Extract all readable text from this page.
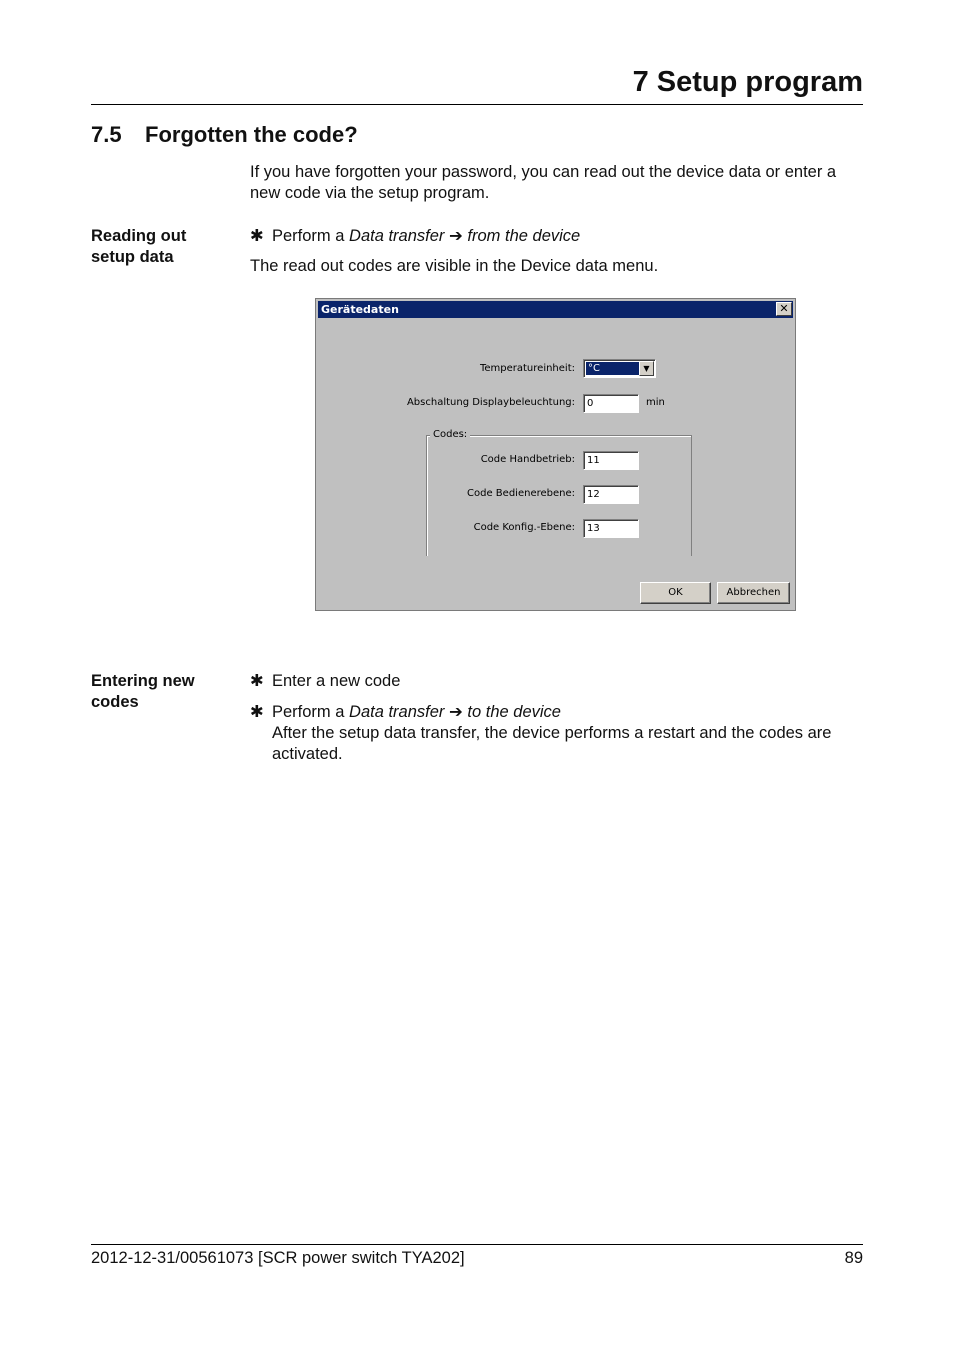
7 Setup program
7.5 Forgotten the code?

If you have forgotten your password, you can read out the device data or enter a new code via the setup program.

Reading out
setup data

✱ Perform a Data transfer ➔ from the device

The read out codes are visible in the Device data menu.

Gerätedaten	✕
Temperatureinheit: °C	▼
Abschaltung Displaybeleuchtung:	0	min
Codes:
Code Handbetrieb:	11
Code Bedienerebene:	12
Code Konfig.-Ebene:	13
OK	Abbrechen

Entering new
codes

✱ Enter a new code
✱ Perform a Data transfer ➔ to the device
After the setup data transfer, the device performs a restart and the codes are activated.
2012-12-31/00561073 [SCR power switch TYA202]	89
